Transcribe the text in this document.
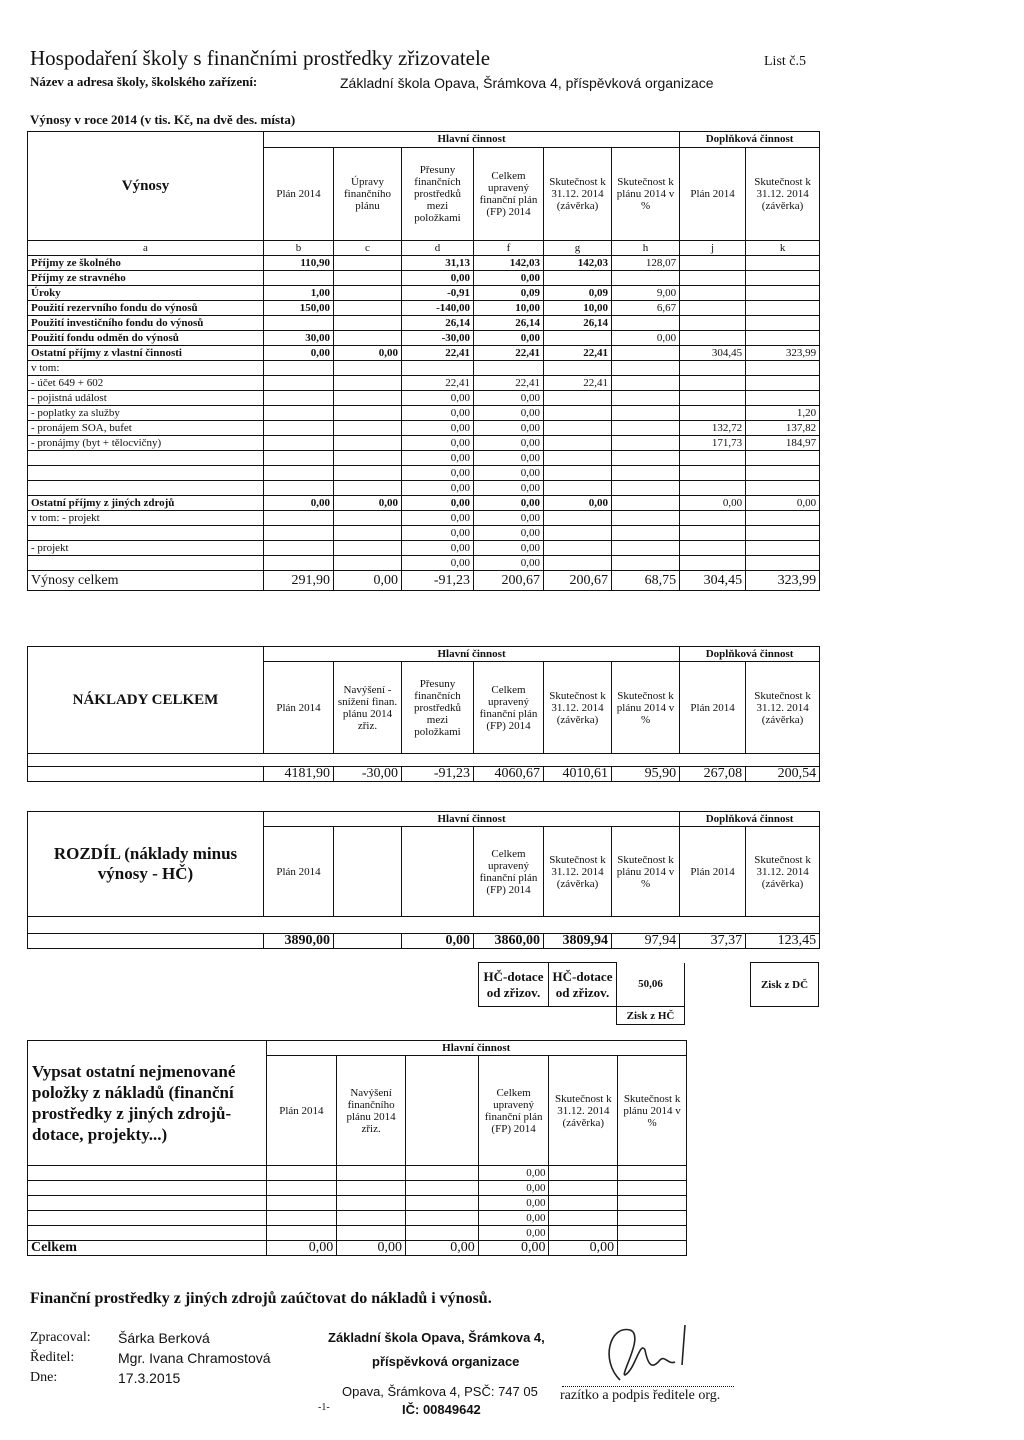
Hospodaření školy s finančními prostředky zřizovatele	List č.5
Název a adresa školy, školského zařízení:	Základní škola Opava, Šrámkova 4, příspěvková organizace
Výnosy v roce 2014 (v tis. Kč, na dvě des. místa)
Výnosy	Hlavní činnost						Doplňková činnost	
	Plán 2014	Úpravy finančního plánu	Přesuny finančních prostředků mezi položkami	Celkem upravený finanční plán (FP) 2014	Skutečnost k 31.12. 2014 (závěrka)	Skutečnost k plánu 2014 v %	Plán 2014	Skutečnost k 31.12. 2014 (závěrka)
a	b	c	d	f	g	h	j	k
Příjmy ze školného	110,90		31,13	142,03	142,03	128,07		
Příjmy ze stravného			0,00	0,00				
Úroky	1,00		-0,91	0,09	0,09	9,00		
Použití rezervního fondu do výnosů	150,00		-140,00	10,00	10,00	6,67		
Použití investičního fondu do výnosů			26,14	26,14	26,14			
Použití fondu odměn do výnosů	30,00		-30,00	0,00		0,00		
Ostatní příjmy z vlastní činnosti	0,00	0,00	22,41	22,41	22,41		304,45	323,99
v tom:								
- účet 649 + 602			22,41	22,41	22,41			
- pojistná událost			0,00	0,00				
- poplatky za služby			0,00	0,00				1,20
- pronájem SOA, bufet			0,00	0,00			132,72	137,82
- pronájmy (byt + tělocvičny)			0,00	0,00			171,73	184,97
			0,00	0,00				
			0,00	0,00				
			0,00	0,00				
Ostatní příjmy z jiných zdrojů	0,00	0,00	0,00	0,00	0,00		0,00	0,00
v tom: - projekt			0,00	0,00				
			0,00	0,00				
- projekt			0,00	0,00				
			0,00	0,00				
Výnosy celkem	291,90	0,00	-91,23	200,67	200,67	68,75	304,45	323,99
NÁKLADY CELKEM	Hlavní činnost						Doplňková činnost	
	Plán 2014	Navýšení - snížení finan. plánu 2014 zřiz.	Přesuny finančních prostředků mezi položkami	Celkem upravený finanční plán (FP) 2014	Skutečnost k 31.12. 2014 (závěrka)	Skutečnost k plánu 2014 v %	Plán 2014	Skutečnost k 31.12. 2014 (závěrka)

	4181,90	-30,00	-91,23	4060,67	4010,61	95,90	267,08	200,54
ROZDÍL (náklady minus výnosy - HČ)	Hlavní činnost						Doplňková činnost	
	Plán 2014			Celkem upravený finanční plán (FP) 2014	Skutečnost k 31.12. 2014 (závěrka)	Skutečnost k plánu 2014 v %	Plán 2014	Skutečnost k 31.12. 2014 (závěrka)

	3890,00		0,00	3860,00	3809,94	97,94	37,37	123,45
HČ-dotace od zřizov.	HČ-dotace od zřizov.	50,06		Zisk z DČ
		Zisk z HČ		
Vypsat ostatní nejmenované položky z nákladů (finanční prostředky z jiných zdrojů- dotace, projekty...)	Hlavní činnost					
	Plán 2014	Navýšení finančního plánu 2014 zřiz.		Celkem upravený finanční plán (FP) 2014	Skutečnost k 31.12. 2014 (závěrka)	Skutečnost k plánu 2014 v %
				0,00		
				0,00		
				0,00		
				0,00		
				0,00		
Celkem	0,00	0,00	0,00	0,00	0,00	
Finanční prostředky z jiných zdrojů zaúčtovat do nákladů i výnosů.
Zpracoval: Šárka Berková
Ředitel:	Mgr. Ivana Chramostová
Dne:	17.3.2015
Základní škola Opava, Šrámkova 4,
příspěvková organizace
Opava, Šrámkova 4, PSČ: 747 05
IČ: 00849642
-1-
razítko a podpis ředitele org.
